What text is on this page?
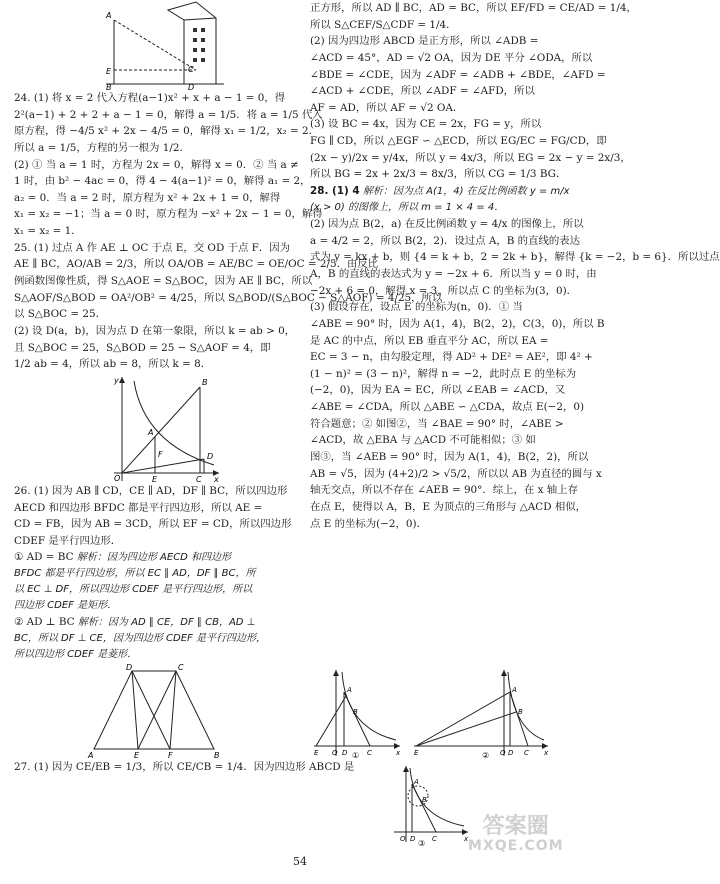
A
E
B
C
D

24. (1) 将 x = 2 代入方程(a−1)x² + x + a − 1 = 0，得

2²(a−1) + 2 + 2 + a − 1 = 0，解得 a = 1/5．将 a = 1/5 代入

原方程，得 −4/5 x² + 2x − 4/5 = 0，解得 x₁ = 1/2，x₂ = 2．

所以 a = 1/5，方程的另一根为 1/2．

(2) ① 当 a = 1 时，方程为 2x = 0，解得 x = 0．② 当 a ≠

1 时，由 b² − 4ac = 0，得 4 − 4(a−1)² = 0，解得 a₁ = 2，

a₂ = 0．当 a = 2 时，原方程为 x² + 2x + 1 = 0，解得

x₁ = x₂ = −1；当 a = 0 时，原方程为 −x² + 2x − 1 = 0，解得

x₁ = x₂ = 1．

25. (1) 过点 A 作 AE ⊥ OC 于点 E，交 OD 于点 F．因为

AE ∥ BC，AO/AB = 2/3，所以 OA/OB = AE/BC = OE/OC = 2/5．由反比

例函数图像性质，得 S△AOE = S△BOC，因为 AE ∥ BC，所以

S△AOF/S△BOD = OA²/OB² = 4/25，所以 S△BOD/(S△BOC − S△AOF) = 4/25，所以

以 S△BOC = 25．

(2) 设 D(a，b)，因为点 D 在第一象限，所以 k = ab > 0，

且 S△BOC = 25，S△BOD = 25 − S△AOF = 4，即

1/2 ab = 4，所以 ab = 8，所以 k = 8．

y	B
A
F	D
O	E	C x

26. (1) 因为 AB ∥ CD，CE ∥ AD，DF ∥ BC，所以四边形

AECD 和四边形 BFDC 都是平行四边形，所以 AE =

CD = FB，因为 AB = 3CD，所以 EF = CD，所以四边形

CDEF 是平行四边形．

① AD = BC 解析：因为四边形 AECD 和四边形

BFDC 都是平行四边形，所以 EC ∥ AD，DF ∥ BC，所

以 EC ⊥ DF，所以四边形 CDEF 是平行四边形，所以

四边形 CDEF 是矩形．

② AD ⊥ BC 解析：因为 AD ∥ CE，DF ∥ CB，AD ⊥

BC，所以 DF ⊥ CE，因为四边形 CDEF 是平行四边形，

所以四边形 CDEF 是菱形．

D	C
A	E	F	B

27. (1) 因为 CE/EB = 1/3，所以 CE/CB = 1/4．因为四边形 ABCD 是

正方形，所以 AD ∥ BC，AD = BC，所以 EF/FD = CE/AD = 1/4，

所以 S△CEF/S△CDF = 1/4．

(2) 因为四边形 ABCD 是正方形，所以 ∠ADB =

∠ACD = 45°，AD = √2 OA，因为 DE 平分 ∠ODA，所以

∠BDE = ∠CDE，因为 ∠ADF = ∠ADB + ∠BDE，∠AFD =

∠ACD + ∠CDE，所以 ∠ADF = ∠AFD，所以

AF = AD，所以 AF = √2 OA．

(3) 设 BC = 4x，因为 CE = 2x，FG = y，所以

FG ∥ CD，所以 △EGF ∽ △ECD，所以 EG/EC = FG/CD，即

(2x − y)/2x = y/4x，所以 y = 4x/3，所以 EG = 2x − y = 2x/3，

所以 BG = 2x + 2x/3 = 8x/3，所以 CG = 1/3 BG．

28. (1) 4 解析：因为点 A(1，4) 在反比例函数 y = m/x

(x > 0) 的图像上，所以 m = 1 × 4 = 4．

(2) 因为点 B(2，a) 在反比例函数 y = 4/x 的图像上，所以

a = 4/2 = 2，所以 B(2，2)．设过点 A，B 的直线的表达

式为 y = kx + b，则 {4 = k + b，2 = 2k + b}，解得 {k = −2，b = 6}．所以过点

A，B 的直线的表达式为 y = −2x + 6．所以当 y = 0 时，由

−2x + 6 = 0，解得 x = 3，所以点 C 的坐标为(3，0)．

(3) 假设存在，设点 E 的坐标为(n，0)．① 当

∠ABE = 90° 时，因为 A(1，4)，B(2，2)，C(3，0)，所以 B

是 AC 的中点，所以 EB 垂直平分 AC，所以 EA =

EC = 3 − n，由勾股定理，得 AD² + DE² = AE²，即 4² +

(1 − n)² = (3 − n)²，解得 n = −2，此时点 E 的坐标为

(−2，0)，因为 EA = EC，所以 ∠EAB = ∠ACD，又

∠ABE = ∠CDA，所以 △ABE ∽ △CDA，故点 E(−2，0)

符合题意；② 如图②，当 ∠BAE = 90° 时，∠ABE >

∠ACD，故 △EBA 与 △ACD 不可能相似；③ 如

图③，当 ∠AEB = 90° 时，因为 A(1，4)，B(2，2)，所以

AB = √5，因为 (4+2)/2 > √5/2，所以以 AB 为直径的圆与 x

轴无交点，所以不存在 ∠AEB = 90°．综上，在 x 轴上存

在点 E，使得以 A，B，E 为顶点的三角形与 △ACD 相似，

点 E 的坐标为(−2，0)．

A
B
E O D	C	x
①
A
B
E	O D C x
②
A
B
O D C	x
③
54
答案圈
MXQE.COM
